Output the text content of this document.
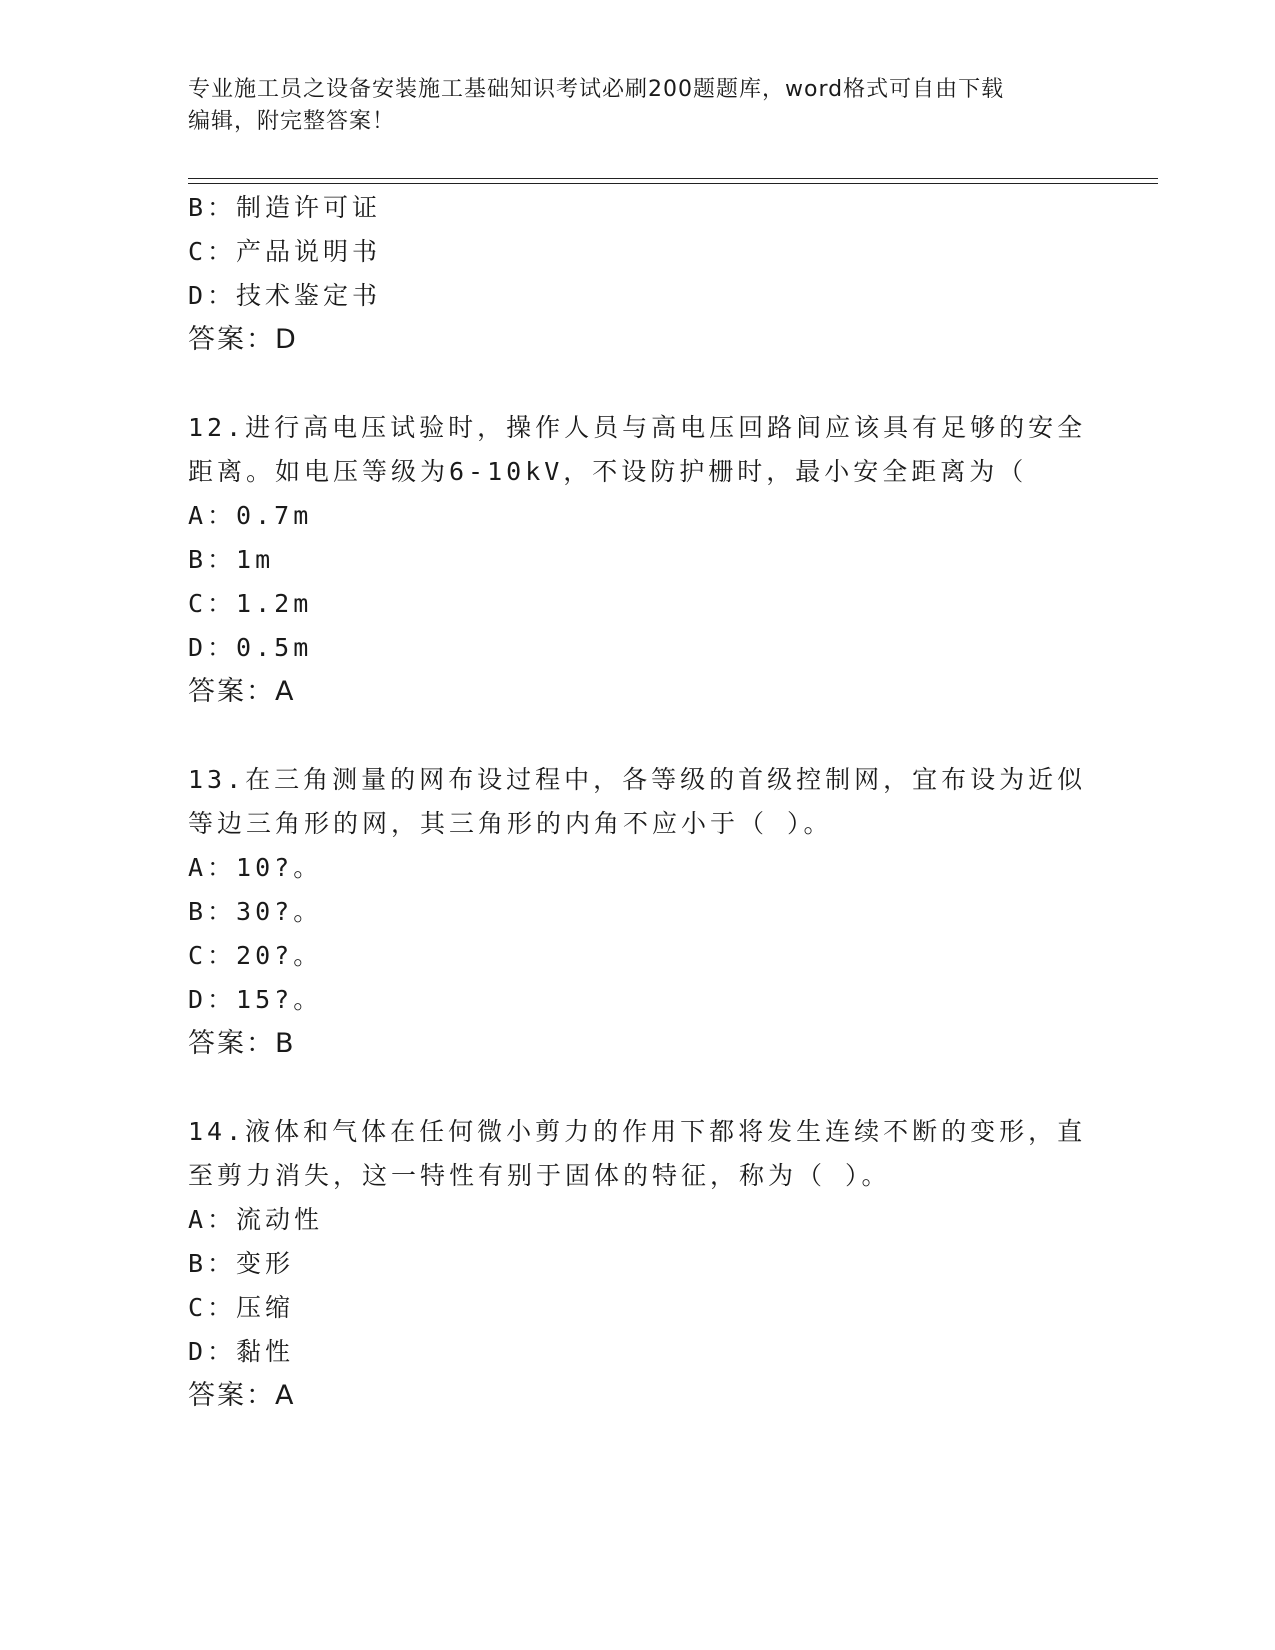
专业施工员之设备安装施工基础知识考试必刷200题题库，word格式可自由下载
编辑，附完整答案！
B：制造许可证
C：产品说明书
D：技术鉴定书
答案：D
12.进行高电压试验时，操作人员与高电压回路间应该具有足够的安全
距离。如电压等级为6-10kV，不设防护栅时，最小安全距离为（
A：0.7m
B：1m
C：1.2m
D：0.5m
答案：A
13.在三角测量的网布设过程中，各等级的首级控制网，宜布设为近似
等边三角形的网，其三角形的内角不应小于（ ）。
A：10?。
B：30?。
C：20?。
D：15?。
答案：B
14.液体和气体在任何微小剪力的作用下都将发生连续不断的变形，直
至剪力消失，这一特性有别于固体的特征，称为（ ）。
A：流动性
B：变形
C：压缩
D：黏性
答案：A
